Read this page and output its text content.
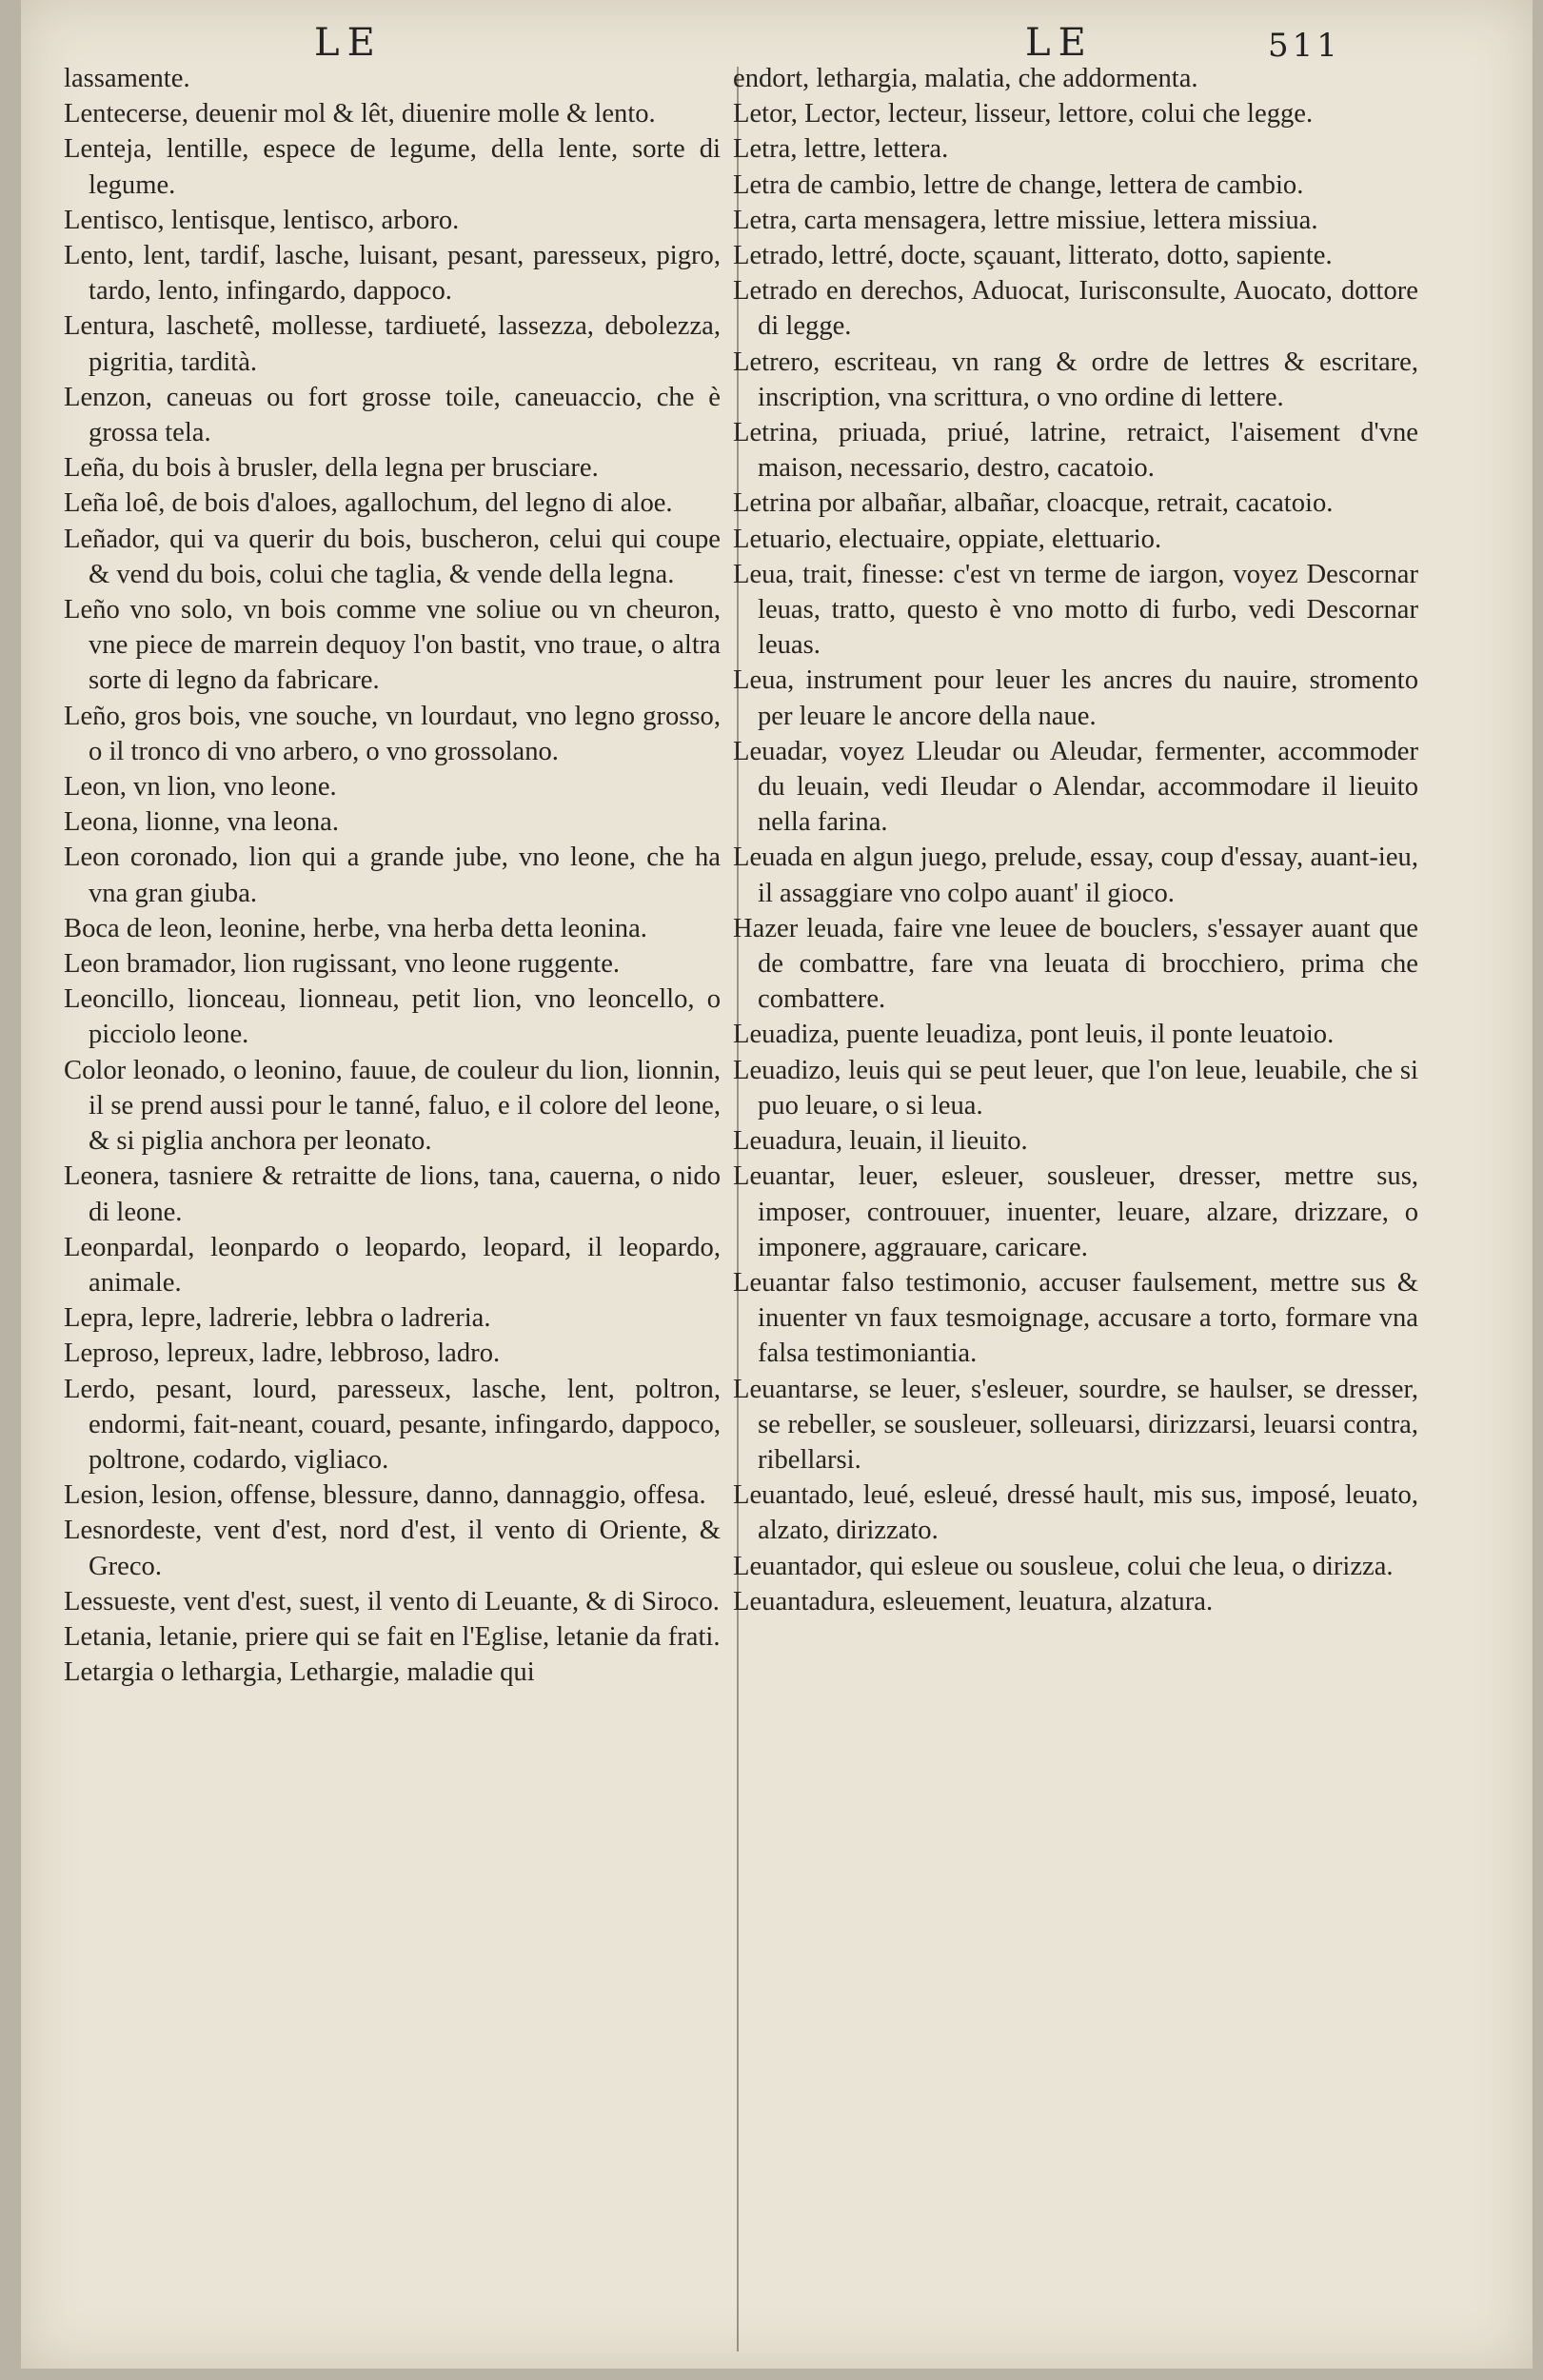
LE	LE	511

lassamente.

Lentecerse, deuenir mol & lêt, diuenire molle & lento.

Lenteja, lentille, espece de legume, della lente, sorte di legume.

Lentisco, lentisque, lentisco, arboro.

Lento, lent, tardif, lasche, luisant, pesant, paresseux, pigro, tardo, lento, infingardo, dappoco.

Lentura, laschetê, mollesse, tardiueté, lassezza, debolezza, pigritia, tardità.

Lenzon, caneuas ou fort grosse toile, caneuaccio, che è grossa tela.

Leña, du bois à brusler, della legna per brusciare.

Leña loê, de bois d'aloes, agallochum, del legno di aloe.

Leñador, qui va querir du bois, buscheron, celui qui coupe & vend du bois, colui che taglia, & vende della legna.

Leño vno solo, vn bois comme vne soliue ou vn cheuron, vne piece de marrein dequoy l'on bastit, vno traue, o altra sorte di legno da fabricare.

Leño, gros bois, vne souche, vn lourdaut, vno legno grosso, o il tronco di vno arbero, o vno grossolano.

Leon, vn lion, vno leone.

Leona, lionne, vna leona.

Leon coronado, lion qui a grande jube, vno leone, che ha vna gran giuba.

Boca de leon, leonine, herbe, vna herba detta leonina.

Leon bramador, lion rugissant, vno leone ruggente.

Leoncillo, lionceau, lionneau, petit lion, vno leoncello, o picciolo leone.

Color leonado, o leonino, fauue, de couleur du lion, lionnin, il se prend aussi pour le tanné, faluo, e il colore del leone, & si piglia anchora per leonato.

Leonera, tasniere & retraitte de lions, tana, cauerna, o nido di leone.

Leonpardal, leonpardo o leopardo, leopard, il leopardo, animale.

Lepra, lepre, ladrerie, lebbra o ladreria.

Leproso, lepreux, ladre, lebbroso, ladro.

Lerdo, pesant, lourd, paresseux, lasche, lent, poltron, endormi, fait-neant, couard, pesante, infingardo, dappoco, poltrone, codardo, vigliaco.

Lesion, lesion, offense, blessure, danno, dannaggio, offesa.

Lesnordeste, vent d'est, nord d'est, il vento di Oriente, & Greco.

Lessueste, vent d'est, suest, il vento di Leuante, & di Siroco.

Letania, letanie, priere qui se fait en l'Eglise, letanie da frati.

Letargia o lethargia, Lethargie, maladie qui

endort, lethargia, malatia, che addormenta.

Letor, Lector, lecteur, lisseur, lettore, colui che legge.

Letra, lettre, lettera.

Letra de cambio, lettre de change, lettera de cambio.

Letra, carta mensagera, lettre missiue, lettera missiua.

Letrado, lettré, docte, sçauant, litterato, dotto, sapiente.

Letrado en derechos, Aduocat, Iurisconsulte, Auocato, dottore di legge.

Letrero, escriteau, vn rang & ordre de lettres & escritare, inscription, vna scrittura, o vno ordine di lettere.

Letrina, priuada, priué, latrine, retraict, l'aisement d'vne maison, necessario, destro, cacatoio.

Letrina por albañar, albañar, cloacque, retrait, cacatoio.

Letuario, electuaire, oppiate, elettuario.

Leua, trait, finesse: c'est vn terme de iargon, voyez Descornar leuas, tratto, questo è vno motto di furbo, vedi Descornar leuas.

Leua, instrument pour leuer les ancres du nauire, stromento per leuare le ancore della naue.

Leuadar, voyez Lleudar ou Aleudar, fermenter, accommoder du leuain, vedi Ileudar o Alendar, accommodare il lieuito nella farina.

Leuada en algun juego, prelude, essay, coup d'essay, auant-ieu, il assaggiare vno colpo auant' il gioco.

Hazer leuada, faire vne leuee de bouclers, s'essayer auant que de combattre, fare vna leuata di brocchiero, prima che combattere.

Leuadiza, puente leuadiza, pont leuis, il ponte leuatoio.

Leuadizo, leuis qui se peut leuer, que l'on leue, leuabile, che si puo leuare, o si leua.

Leuadura, leuain, il lieuito.

Leuantar, leuer, esleuer, sousleuer, dresser, mettre sus, imposer, controuuer, inuenter, leuare, alzare, drizzare, o imponere, aggrauare, caricare.

Leuantar falso testimonio, accuser faulsement, mettre sus & inuenter vn faux tesmoignage, accusare a torto, formare vna falsa testimoniantia.

Leuantarse, se leuer, s'esleuer, sourdre, se haulser, se dresser, se rebeller, se sousleuer, solleuarsi, dirizzarsi, leuarsi contra, ribellarsi.

Leuantado, leué, esleué, dressé hault, mis sus, imposé, leuato, alzato, dirizzato.

Leuantador, qui esleue ou sousleue, colui che leua, o dirizza.

Leuantadura, esleuement, leuatura, alzatura.
